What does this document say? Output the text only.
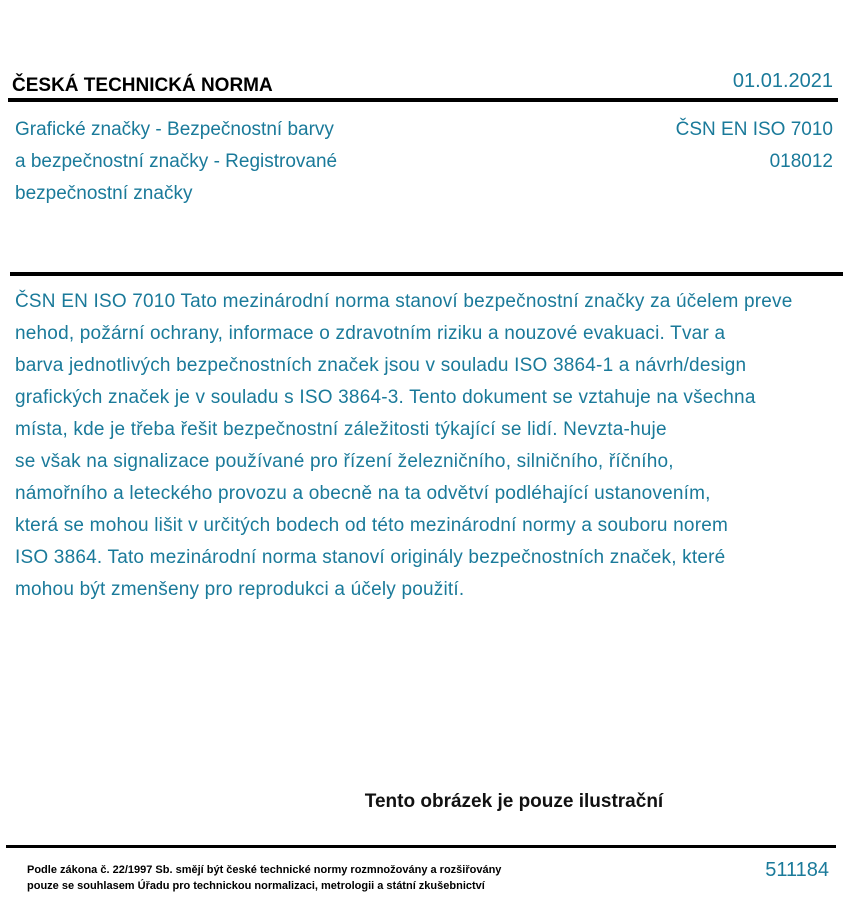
ČESKÁ TECHNICKÁ NORMA	01.01.2021
Grafické značky - Bezpečnostní barvy
a bezpečnostní značky - Registrované
bezpečnostní značky
ČSN EN ISO 7010
018012
ČSN EN ISO 7010 Tato mezinárodní norma stanoví bezpečnostní značky za účelem preve
nehod, požární ochrany, informace o zdravotním riziku a nouzové evakuaci. Tvar a
barva jednotlivých bezpečnostních značek jsou v souladu ISO 3864-1 a návrh/design
grafických značek je v souladu s ISO 3864-3. Tento dokument se vztahuje na všechna
místa, kde je třeba řešit bezpečnostní záležitosti týkající se lidí. Nevzta-huje
se však na signalizace používané pro řízení železničního, silničního, říčního,
námořního a leteckého provozu a obecně na ta odvětví podléhající ustanovením,
která se mohou lišit v určitých bodech od této mezinárodní normy a souboru norem
ISO 3864. Tato mezinárodní norma stanoví originály bezpečnostních značek, které
mohou být zmenšeny pro reprodukci a účely použití.
Tento obrázek je pouze ilustrační
Podle zákona č. 22/1997 Sb. smějí být české technické normy rozmnožovány a rozšiřovány
pouze se souhlasem Úřadu pro technickou normalizaci, metrologii a státní zkušebnictví
511184
